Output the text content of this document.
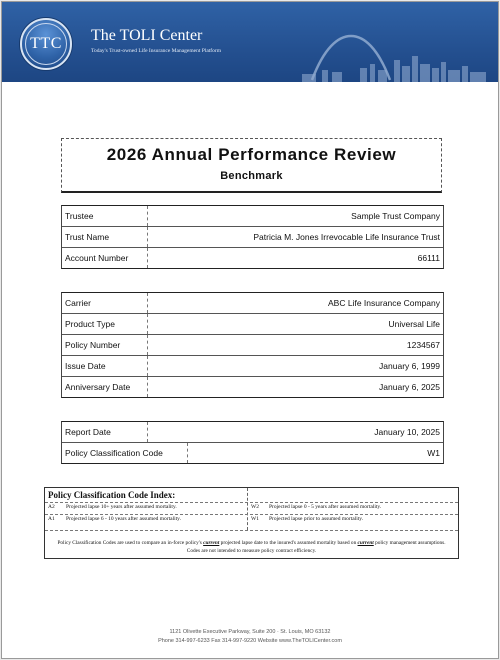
TTC	The TOLI Center
Today's Trust-owned Life Insurance Management Platform
2026 Annual Performance Review
Benchmark
Trustee	Sample Trust Company
Trust Name	Patricia M. Jones Irrevocable Life Insurance Trust
Account Number	66111
Carrier	ABC Life Insurance Company
Product Type	Universal Life
Policy Number	1234567
Issue Date	January 6, 1999
Anniversary Date	January 6, 2025
Report Date	January 10, 2025
Policy Classification Code	W1
Policy Classification Code Index:
A2 Projected lapse 10+ years after assumed mortality.	W2 Projected lapse 0 - 5 years after assumed mortality.
A1 Projected lapse 6 - 10 years after assumed mortality.	W1 Projected lapse prior to assumed mortality.
Policy Classification Codes are used to compare an in-force policy's current projected lapse date to the insured's assumed mortality based on current policy management assumptions. Codes are not intended to measure policy contract efficiency.
1121 Olivette Executive Parkway, Suite 200 · St. Louis, MO 63132
Phone 314-997-6233 Fax 314-997-9220 Website www.TheTOLICenter.com
